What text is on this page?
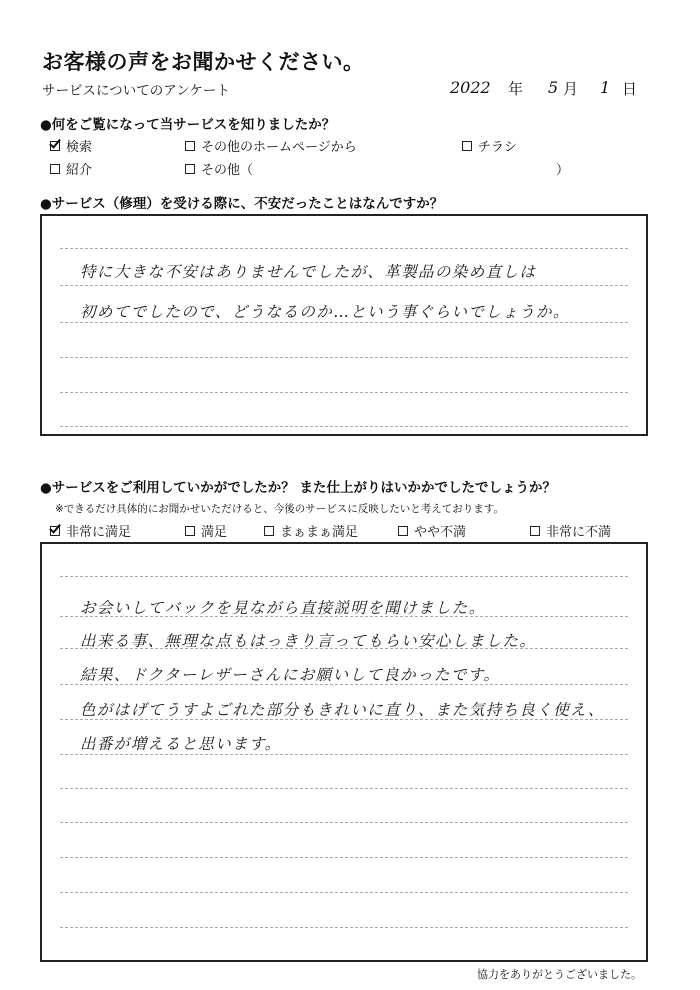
お客様の声をお聞かせください。
サービスについてのアンケート	2022 年 5 月 1 日
●何をご覧になって当サービスを知りましたか？
検索	その他のホームページから	チラシ
紹介	その他（	）
●サービス（修理）を受ける際に、不安だったことはなんですか？
特に大きな不安はありませんでしたが、革製品の染め直しは
初めてでしたので、どうなるのか…という事ぐらいでしょうか。
●サービスをご利用していかがでしたか？ また仕上がりはいかかでしたでしょうか？
※できるだけ具体的にお聞かせいただけると、今後のサービスに反映したいと考えております。
非常に満足	満足	まぁまぁ満足	やや不満	非常に不満
お会いしてバックを見ながら直接説明を聞けました。
出来る事、無理な点もはっきり言ってもらい安心しました。
結果、ドクターレザーさんにお願いして良かったです。
色がはげてうすよごれた部分もきれいに直り、また気持ち良く使え、
出番が増えると思います。
協力をありがとうございました。
